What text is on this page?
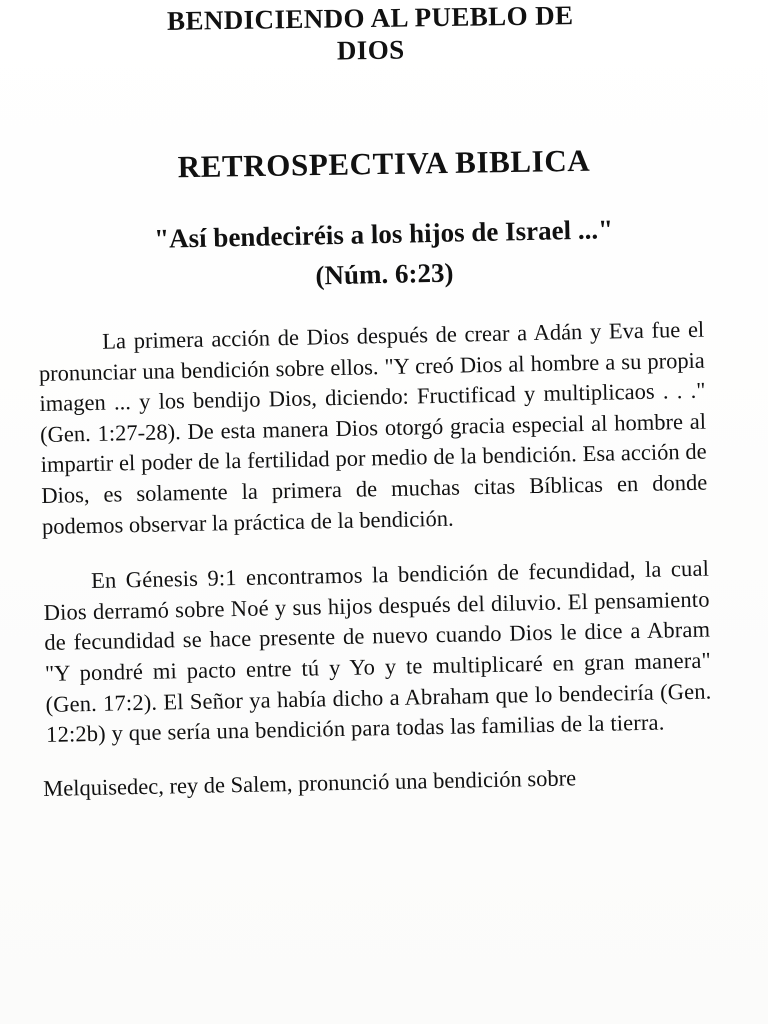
BENDICIENDO AL PUEBLO DE
DIOS
RETROSPECTIVA BIBLICA
"Así bendeciréis a los hijos de Israel ..."
(Núm. 6:23)

La primera acción de Dios después de crear a Adán y Eva fue el pronunciar una bendición sobre ellos. "Y creó Dios al hombre a su propia imagen ... y los bendijo Dios, diciendo: Fructificad y multiplicaos . . ." (Gen. 1:27-28). De esta manera Dios otorgó gracia especial al hombre al impartir el poder de la fertilidad por medio de la bendición. Esa acción de Dios, es solamente la primera de muchas citas Bíblicas en donde podemos observar la práctica de la bendición.

En Génesis 9:1 encontramos la bendición de fecundidad, la cual Dios derramó sobre Noé y sus hijos después del diluvio. El pensamiento de fecundidad se hace presente de nuevo cuando Dios le dice a Abram "Y pondré mi pacto entre tú y Yo y te multiplicaré en gran manera" (Gen. 17:2). El Señor ya había dicho a Abraham que lo bendeciría (Gen. 12:2b) y que sería una bendición para todas las familias de la tierra.

Melquisedec, rey de Salem, pronunció una bendición sobre
